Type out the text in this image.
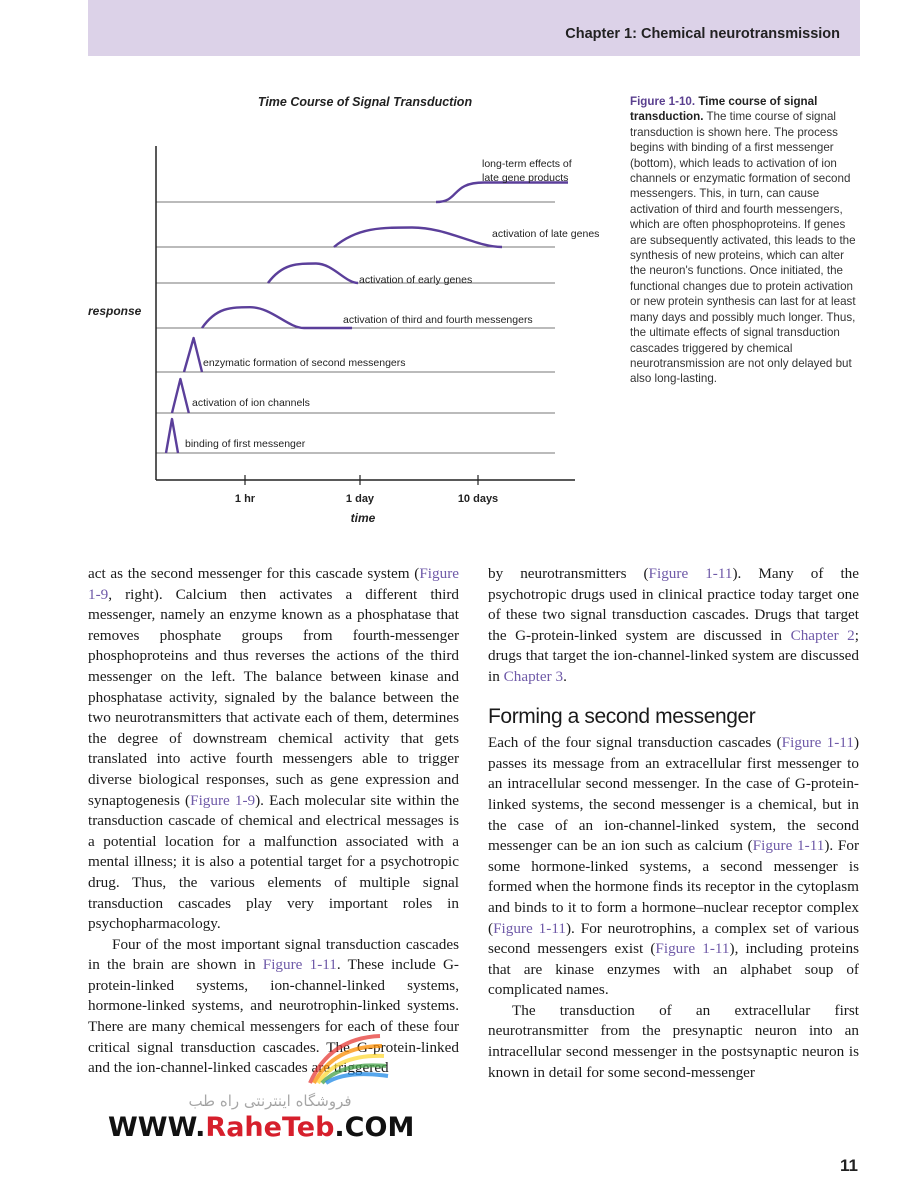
Chapter 1: Chemical neurotransmission
Time Course of Signal Transduction
1 hr	1 day	10 days
time
response
binding of first messenger
activation of ion channels
enzymatic formation of second messengers
activation of third and fourth messengers
activation of early genes
activation of late genes
long-term effects of
late gene products
Figure 1-10. Time course of signal transduction. The time course of signal transduction is shown here. The process begins with binding of a first messenger (bottom), which leads to activation of ion channels or enzymatic formation of second messengers. This, in turn, can cause activation of third and fourth messengers, which are often phosphoproteins. If genes are subsequently activated, this leads to the synthesis of new proteins, which can alter the neuron's functions. Once initiated, the functional changes due to protein activation or new protein synthesis can last for at least many days and possibly much longer. Thus, the ultimate effects of signal transduction cascades triggered by chemical neurotransmission are not only delayed but also long-lasting.

act as the second messenger for this cascade system (Figure 1-9, right). Calcium then activates a different third messenger, namely an enzyme known as a phosphatase that removes phosphate groups from fourth-messenger phosphoproteins and thus reverses the actions of the third messenger on the left. The balance between kinase and phosphatase activity, signaled by the balance between the two neurotransmitters that activate each of them, determines the degree of downstream chemical activity that gets translated into active fourth messengers able to trigger diverse biological responses, such as gene expression and synaptogenesis (Figure 1-9). Each molecular site within the transduction cascade of chemical and electrical messages is a potential location for a malfunction associated with a mental illness; it is also a potential target for a psychotropic drug. Thus, the various elements of multiple signal transduction cascades play very important roles in psychopharmacology.

Four of the most important signal transduction cascades in the brain are shown in Figure 1-11. These include G-protein-linked systems, ion-channel-linked systems, hormone-linked systems, and neurotrophin-linked systems. There are many chemical messengers for each of these four critical signal transduction cascades. The G-protein-linked and the ion-channel-linked cascades are triggered

by neurotransmitters (Figure 1-11). Many of the psychotropic drugs used in clinical practice today target one of these two signal transduction cascades. Drugs that target the G-protein-linked system are discussed in Chapter 2; drugs that target the ion-channel-linked system are discussed in Chapter 3.

Forming a second messenger

Each of the four signal transduction cascades (Figure 1-11) passes its message from an extracellular first messenger to an intracellular second messenger. In the case of G-protein-linked systems, the second messenger is a chemical, but in the case of an ion-channel-linked system, the second messenger can be an ion such as calcium (Figure 1-11). For some hormone-linked systems, a second messenger is formed when the hormone finds its receptor in the cytoplasm and binds to it to form a hormone–nuclear receptor complex (Figure 1-11). For neurotrophins, a complex set of various second messengers exist (Figure 1-11), including proteins that are kinase enzymes with an alphabet soup of complicated names.

The transduction of an extracellular first neurotransmitter from the presynaptic neuron into an intracellular second messenger in the postsynaptic neuron is known in detail for some second-messenger

فروشگاه اینترنتی راه طب
WWW.RaheTeb.COM
11
